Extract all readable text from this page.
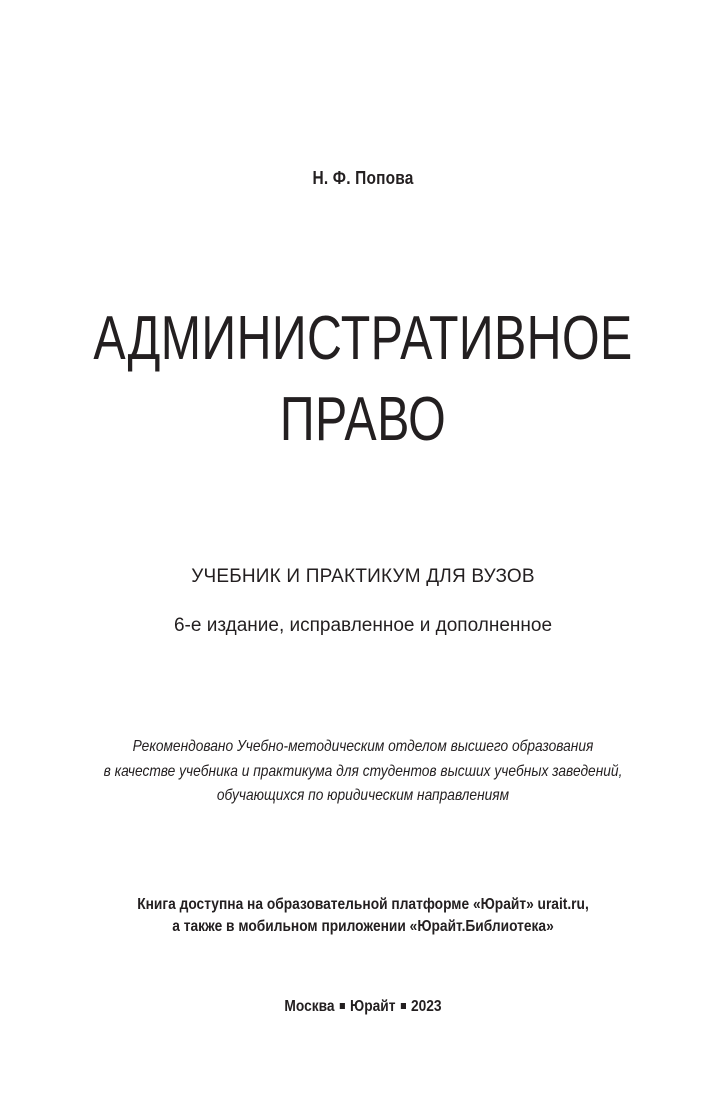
Н. Ф. Попова
АДМИНИСТРАТИВНОЕ
ПРАВО
УЧЕБНИК И ПРАКТИКУМ ДЛЯ ВУЗОВ
6-е издание, исправленное и дополненное
Рекомендовано Учебно-методическим отделом высшего образования
в качестве учебника и практикума для студентов высших учебных заведений,
обучающихся по юридическим направлениям
Книга доступна на образовательной платформе «Юрайт» urait.ru,
а также в мобильном приложении «Юрайт.Библиотека»
Москва Юрайт 2023
